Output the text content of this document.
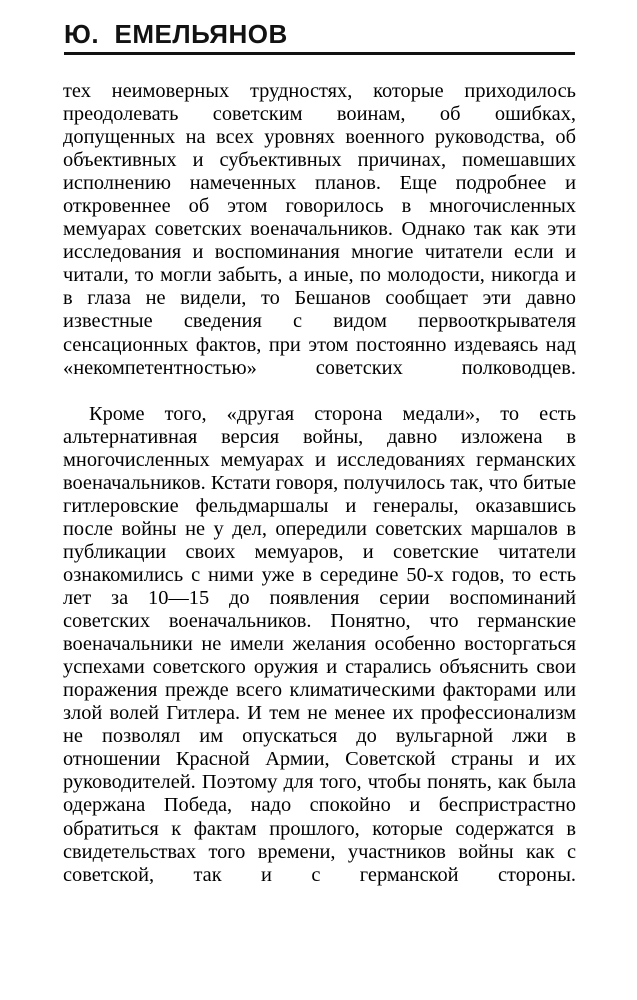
Ю.  ЕМЕЛЬЯНОВ

тех неимоверных трудностях, которые приходилось преодолевать советским воинам, об ошибках, допущенных на всех уровнях военного руководства, об объективных и субъективных причинах, помешавших исполнению намеченных планов. Еще подробнее и откровеннее об этом говорилось в многочисленных мемуарах советских военачальников. Однако так как эти исследования и воспоминания многие читатели если и читали, то могли забыть, а иные, по молодости, никогда и в глаза не видели, то Бешанов сообщает эти давно известные сведения с видом первооткрывателя сенсационных фактов, при этом постоянно издеваясь над «некомпетентностью» советских полководцев.

Кроме того, «другая сторона медали», то есть альтернативная версия войны, давно изложена в многочисленных мемуарах и исследованиях германских военачальников. Кстати говоря, получилось так, что битые гитлеровские фельдмаршалы и генералы, оказавшись после войны не у дел, опередили советских маршалов в публикации своих мемуаров, и советские читатели ознакомились с ними уже в середине 50-х годов, то есть лет за 10—15 до появления серии воспоминаний советских военачальников. Понятно, что германские военачальники не имели желания особенно восторгаться успехами советского оружия и старались объяснить свои поражения прежде всего климатическими факторами или злой волей Гитлера. И тем не менее их профессионализм не позволял им опускаться до вульгарной лжи в отношении Красной Армии, Советской страны и их руководителей. Поэтому для того, чтобы понять, как была одержана Победа, надо спокойно и беспристрастно обратиться к фактам прошлого, которые содержатся в свидетельствах того времени, участников войны как с советской, так и с германской стороны.
